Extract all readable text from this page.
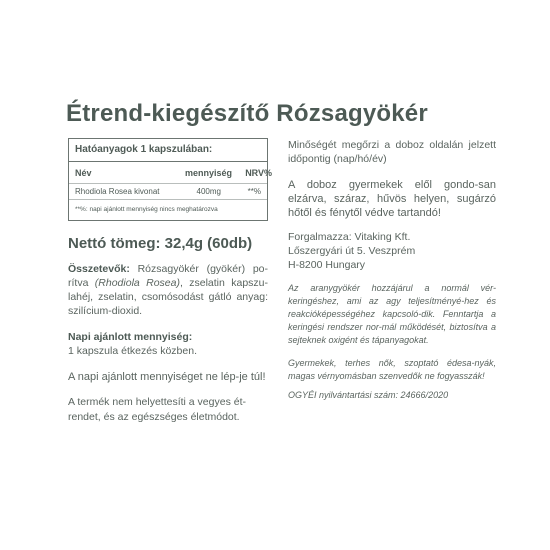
Étrend-kiegészítő Rózsagyökér
Hatóanyagok 1 kapszulában:
Név	mennyiség	NRV%
Rhodiola Rosea kivonat	400mg	**%
**%: napi ajánlott mennyiség nincs meghatározva
Nettó tömeg: 32,4g (60db)
Összetevők: Rózsagyökér (gyökér) po-rítva (Rhodiola Rosea), zselatin kapszu-lahéj, zselatin, csomósodást gátló anyag: szilícium-dioxid.
Napi ajánlott mennyiség:
1 kapszula étkezés közben.
A napi ajánlott mennyiséget ne lép-je túl!
A termék nem helyettesíti a vegyes ét-rendet, és az egészséges életmódot.
Minőségét megőrzi a doboz oldalán jelzett időpontig (nap/hó/év)
A doboz gyermekek elől gondo-san elzárva, száraz, hűvös helyen, sugárzó hőtől és fénytől védve tartandó!
Forgalmazza: Vitaking Kft.
Lőszergyári út 5. Veszprém
H-8200 Hungary
Az aranygyökér hozzájárul a normál vér-keringéshez, ami az agy teljesítményé-hez és reakcióképességéhez kapcsoló-dik. Fenntartja a keringési rendszer nor-mál működését, biztosítva a sejteknek oxigént és tápanyagokat.
Gyermekek, terhes nők, szoptató édesa-nyák, magas vérnyomásban szenvedők ne fogyasszák!
OGYÉI nyilvántartási szám: 24666/2020
